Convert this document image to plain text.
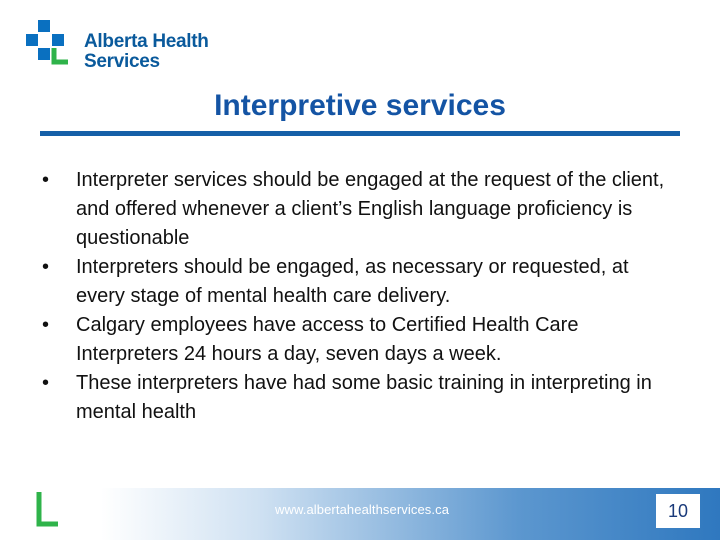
Alberta Health
Services
Interpretive services
• Interpreter services should be engaged at the request of the client, and offered whenever a client’s English language proficiency is questionable
• Interpreters should be engaged, as necessary or requested, at every stage of mental health care delivery.
• Calgary employees have access to Certified Health Care Interpreters 24 hours a day, seven days a week.
• These interpreters have had some basic training in interpreting in mental health
www.albertahealthservices.ca	10
